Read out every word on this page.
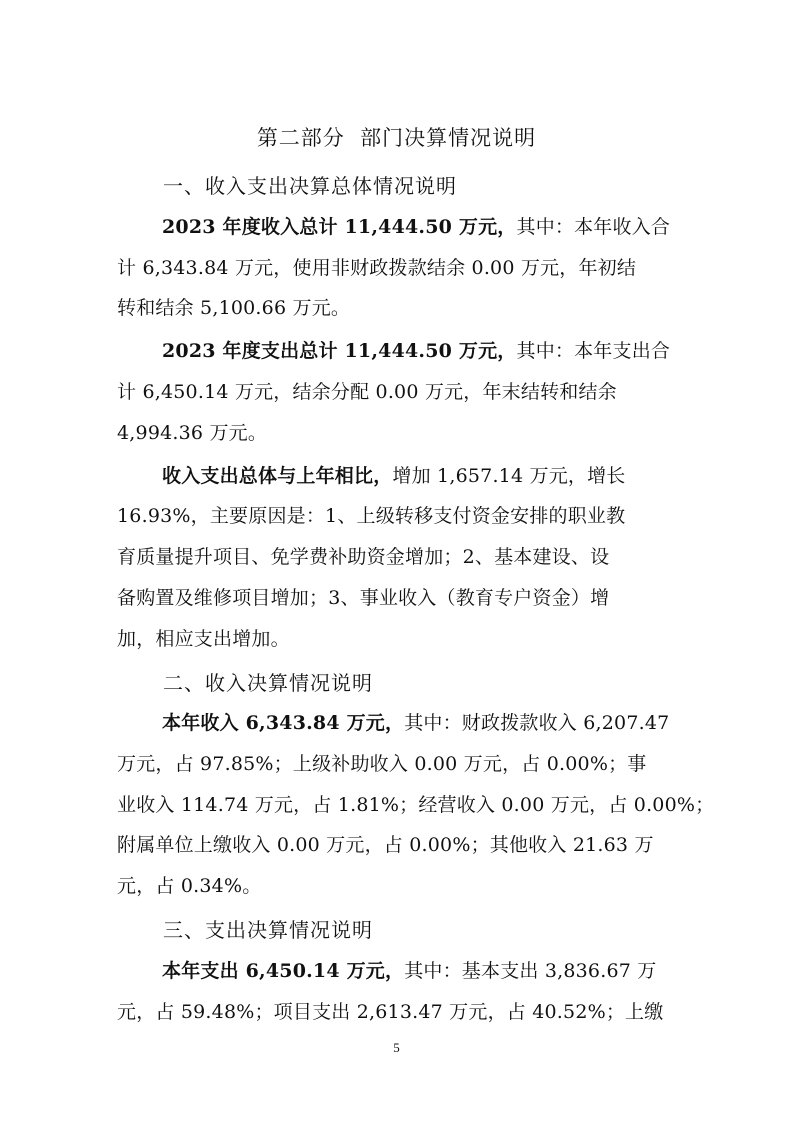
第二部分  部门决算情况说明
一、收入支出决算总体情况说明
2023 年度收入总计 11,444.50 万元，其中：本年收入合
计 6,343.84 万元，使用非财政拨款结余 0.00 万元，年初结
转和结余 5,100.66 万元。
2023 年度支出总计 11,444.50 万元，其中：本年支出合
计 6,450.14 万元，结余分配 0.00 万元，年末结转和结余
4,994.36 万元。
收入支出总体与上年相比，增加 1,657.14 万元，增长
16.93%，主要原因是：1、上级转移支付资金安排的职业教
育质量提升项目、免学费补助资金增加；2、基本建设、设
备购置及维修项目增加；3、事业收入（教育专户资金）增
加，相应支出增加。
二、收入决算情况说明
本年收入 6,343.84 万元，其中：财政拨款收入 6,207.47
万元，占 97.85%；上级补助收入 0.00 万元，占 0.00%；事
业收入 114.74 万元，占 1.81%；经营收入 0.00 万元，占 0.00%；
附属单位上缴收入 0.00 万元，占 0.00%；其他收入 21.63 万
元，占 0.34%。
三、支出决算情况说明
本年支出 6,450.14 万元，其中：基本支出 3,836.67 万
元，占 59.48%；项目支出 2,613.47 万元，占 40.52%；上缴
5
